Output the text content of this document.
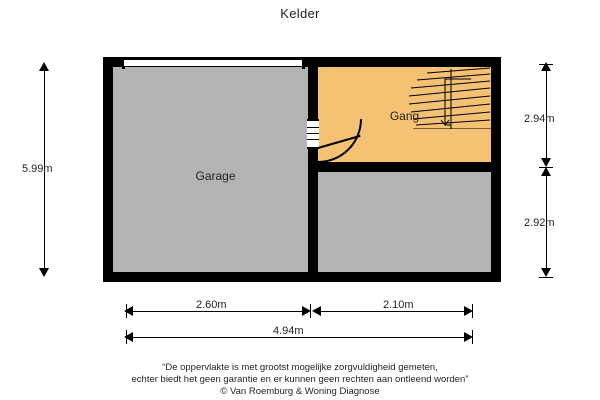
Kelder
Garage
Gang
5.99m
2.94m
2.92m
2.60m	2.10m
4.94m
“De oppervlakte is met grootst mogelijke zorgvuldigheid gemeten,
echter biedt het geen garantie en er kunnen geen rechten aan ontleend worden”
© Van Roemburg & Woning Diagnose
